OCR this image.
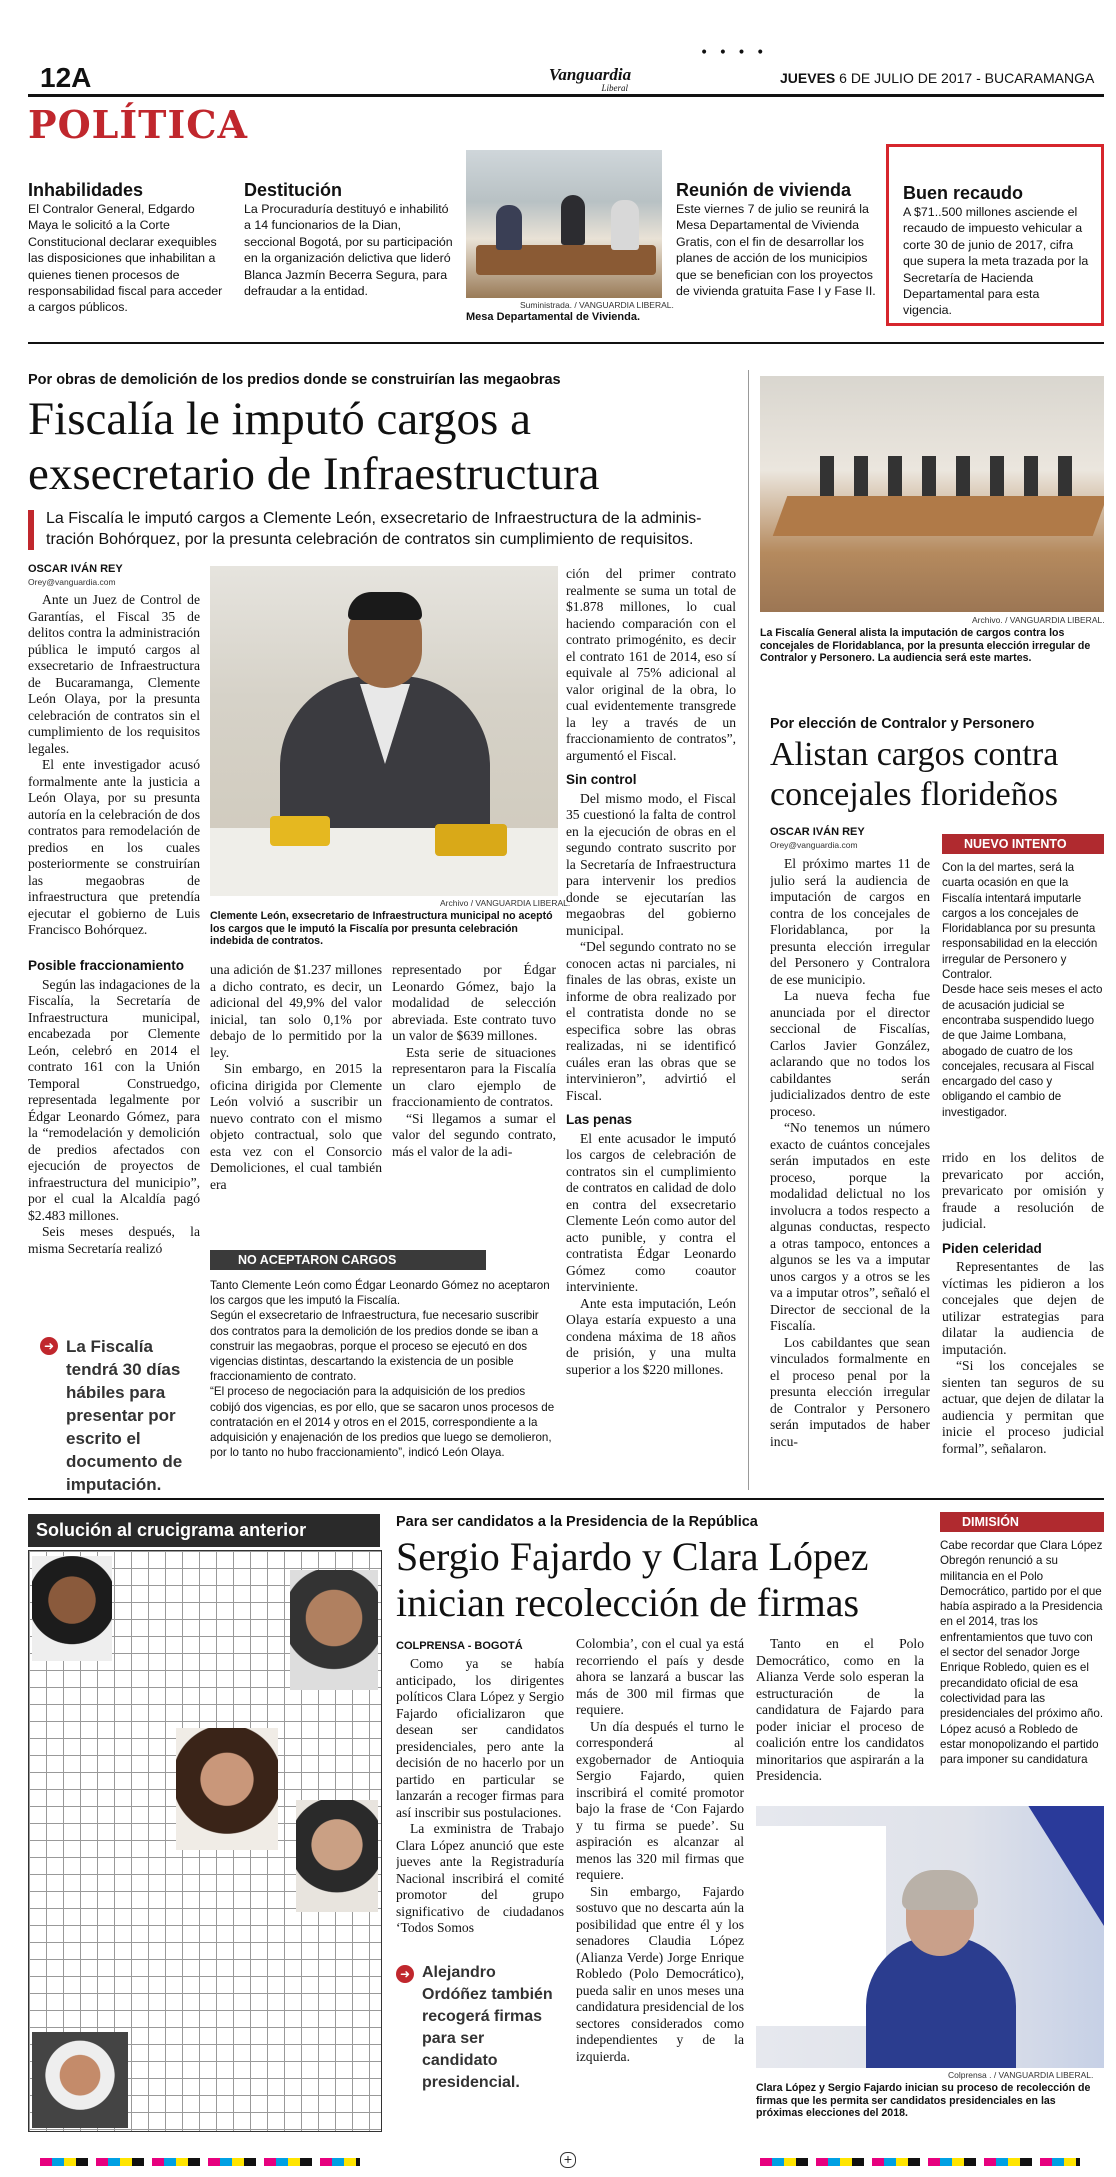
• • • •
12A	Vanguardia
Liberal
JUEVES 6 DE JULIO DE 2017 - BUCARAMANGA
POLÍTICA
Inhabilidades
El Contralor General, Edgardo Maya le solicitó a la Corte Constitucional declarar exequibles las disposiciones que inhabilitan a quienes tienen procesos de responsabilidad fiscal para acceder a cargos públicos.
Destitución
La Procuraduría destituyó e inhabilitó a 14 funcionarios de la Dian, seccional Bogotá, por su participación en la organización delictiva que lideró Blanca Jazmín Becerra Segura, para defraudar a la entidad.
Suministrada. / VANGUARDIA LIBERAL.
Mesa Departamental de Vivienda.
Reunión de vivienda
Este viernes 7 de julio se reunirá la Mesa Departamental de Vivienda Gratis, con el fin de desarrollar los planes de acción de los municipios que se benefician con los proyectos de vivienda gratuita Fase I y Fase II.
Buen recaudo
A $71..500 millones asciende el recaudo de impuesto vehicular a corte 30 de junio de 2017, cifra que supera la meta trazada por la Secretaría de Hacienda Departamental para esta vigencia.
Por obras de demolición de los predios donde se construirían las megaobras
Fiscalía le imputó cargos a
exsecretario de Infraestructura
La Fiscalía le imputó cargos a Clemente León, exsecretario de Infraestructura de la adminis-
tración Bohórquez, por la presunta celebración de contratos sin cumplimiento de requisitos.
OSCAR IVÁN REY
Orey@vanguardia.com

Ante un Juez de Control de Garantías, el Fiscal 35 de delitos contra la administración pública le imputó cargos al exsecretario de Infraestructura de Bucaramanga, Clemente León Olaya, por la presunta celebración de contratos sin el cumplimiento de los requisitos legales.

El ente investigador acusó formalmente ante la justicia a León Olaya, por su presunta autoría en la celebración de dos contratos para remodelación de predios en los cuales posteriormente se construirían las megaobras de infraestructura que pretendía ejecutar el gobierno de Luis Francisco Bohórquez.

Archivo / VANGUARDIA LIBERAL.
Clemente León, exsecretario de Infraestructura municipal no aceptó los cargos que le imputó la Fiscalía por presunta celebración indebida de contratos.

ción del primer contrato realmente se suma un total de $1.878 millones, lo cual haciendo comparación con el contrato primogénito, es decir el contrato 161 de 2014, eso sí equivale al 75% adicional al valor original de la obra, lo cual evidentemente transgrede la ley a través de un fraccionamiento de contratos”, argumentó el Fiscal.

Sin control

Del mismo modo, el Fiscal 35 cuestionó la falta de control en la ejecución de obras en el segundo contrato suscrito por la Secretaría de Infraestructura para intervenir los predios donde se ejecutarían las megaobras del gobierno municipal.

“Del segundo contrato no se conocen actas ni parciales, ni finales de las obras, existe un informe de obra realizado por el contratista donde no se especifica sobre las obras realizadas, ni se identificó cuáles eran las obras que se intervinieron”, advirtió el Fiscal.

Las penas

El ente acusador le imputó los cargos de celebración de contratos sin el cumplimiento de contratos en calidad de dolo en contra del exsecretario Clemente León como autor del acto punible, y contra el contratista Édgar Leonardo Gómez como coautor interviniente.

Ante esta imputación, León Olaya estaría expuesto a una condena máxima de 18 años de prisión, y una multa superior a los $220 millones.

Posible fraccionamiento

Según las indagaciones de la Fiscalía, la Secretaría de Infraestructura municipal, encabezada por Clemente León, celebró en 2014 el contrato 161 con la Unión Temporal Construedgo, representada legalmente por Édgar Leonardo Gómez, para la “remodelación y demolición de predios afectados con ejecución de proyectos de infraestructura del municipio”, por el cual la Alcaldía pagó $2.483 millones.

Seis meses después, la misma Secretaría realizó

una adición de $1.237 millones a dicho contrato, es decir, un adicional del 49,9% del valor inicial, tan solo 0,1% por debajo de lo permitido por la ley.

Sin embargo, en 2015 la oficina dirigida por Clemente León volvió a suscribir un nuevo contrato con el mismo objeto contractual, solo que esta vez con el Consorcio Demoliciones, el cual también era

representado por Édgar Leonardo Gómez, bajo la modalidad de selección abreviada. Este contrato tuvo un valor de $639 millones.

Esta serie de situaciones representaron para la Fiscalía un claro ejemplo de fraccionamiento de contratos.

“Si llegamos a sumar el valor del segundo contrato, más el valor de la adi-

NO ACEPTARON CARGOS
Tanto Clemente León como Édgar Leonardo Gómez no aceptaron los cargos que les imputó la Fiscalía.
Según el exsecretario de Infraestructura, fue necesario suscribir dos contratos para la demolición de los predios donde se iban a construir las megaobras, porque el proceso se ejecutó en dos vigencias distintas, descartando la existencia de un posible fraccionamiento de contrato.
“El proceso de negociación para la adquisición de los predios cobijó dos vigencias, es por ello, que se sacaron unos procesos de contratación en el 2014 y otros en el 2015, correspondiente a la adquisición y enajenación de los predios que luego se demolieron, por lo tanto no hubo fraccionamiento”, indicó León Olaya.
➜ La Fiscalía tendrá 30 días hábiles para presentar por escrito el documento de imputación.
Archivo. / VANGUARDIA LIBERAL.
La Fiscalía General alista la imputación de cargos contra los concejales de Floridablanca, por la presunta elección irregular de Contralor y Personero. La audiencia será este martes.
Por elección de Contralor y Personero
Alistan cargos contra
concejales florideños
OSCAR IVÁN REY
Orey@vanguardia.com

El próximo martes 11 de julio será la audiencia de imputación de cargos en contra de los concejales de Floridablanca, por la presunta elección irregular del Personero y Contralora de ese municipio.

La nueva fecha fue anunciada por el director seccional de Fiscalías, Carlos Javier González, aclarando que no todos los cabildantes serán judicializados dentro de este proceso.

“No tenemos un número exacto de cuántos concejales serán imputados en este proceso, porque la modalidad delictual no los involucra a todos respecto a algunas conductas, respecto a otras tampoco, entonces a algunos se les va a imputar unos cargos y a otros se les va a imputar otros”, señaló el Director de seccional de la Fiscalía.

Los cabildantes que sean vinculados formalmente en el proceso penal por la presunta elección irregular de Contralor y Personero serán imputados de haber incu-

NUEVO INTENTO
Con la del martes, será la cuarta ocasión en que la Fiscalía intentará imputarle cargos a los concejales de Floridablanca por su presunta responsabilidad en la elección irregular de Personero y Contralor.
Desde hace seis meses el acto de acusación judicial se encontraba suspendido luego de que Jaime Lombana, abogado de cuatro de los concejales, recusara al Fiscal encargado del caso y obligando el cambio de investigador.

rrido en los delitos de prevaricato por acción, prevaricato por omisión y fraude a resolución de judicial.

Piden celeridad

Representantes de las víctimas les pidieron a los concejales que dejen de utilizar estrategias para dilatar la audiencia de imputación.

“Si los concejales se sienten tan seguros de su actuar, que dejen de dilatar la audiencia y permitan que inicie el proceso judicial formal”, señalaron.

Solución al crucigrama anterior	Para ser candidatos a la Presidencia de la República
Sergio Fajardo y Clara López
inician recolección de firmas
COLPRENSA - BOGOTÁ

Como ya se había anticipado, los dirigentes políticos Clara López y Sergio Fajardo oficializaron que desean ser candidatos presidenciales, pero ante la decisión de no hacerlo por un partido en particular se lanzarán a recoger firmas para así inscribir sus postulaciones.

La exministra de Trabajo Clara López anunció que este jueves ante la Registraduría Nacional inscribirá el comité promotor del grupo significativo de ciudadanos ‘Todos Somos

➜ Alejandro Ordóñez también recogerá firmas para ser candidato presidencial.

Colombia’, con el cual ya está recorriendo el país y desde ahora se lanzará a buscar las más de 300 mil firmas que requiere.

Un día después el turno le corresponderá al exgobernador de Antioquia Sergio Fajardo, quien inscribirá el comité promotor bajo la frase de ‘Con Fajardo y tu firma se puede’. Su aspiración es alcanzar al menos las 320 mil firmas que requiere.

Sin embargo, Fajardo sostuvo que no descarta aún la posibilidad que entre él y los senadores Claudia López (Alianza Verde) Jorge Enrique Robledo (Polo Democrático), pueda salir en unos meses una candidatura presidencial de los sectores considerados como independientes y de la izquierda.

Tanto en el Polo Democrático, como en la Alianza Verde solo esperan la estructuración de la candidatura de Fajardo para poder iniciar el proceso de coalición entre los candidatos minoritarios que aspirarán a la Presidencia.

DIMISIÓN
Cabe recordar que Clara López Obregón renunció a su militancia en el Polo Democrático, partido por el que había aspirado a la Presidencia en el 2014, tras los enfrentamientos que tuvo con el sector del senador Jorge Enrique Robledo, quien es el precandidato oficial de esa colectividad para las presidenciales del próximo año.
López acusó a Robledo de estar monopolizando el partido para imponer su candidatura
Colprensa . / VANGUARDIA LIBERAL.
Clara López y Sergio Fajardo inician su proceso de recolección de firmas que les permita ser candidatos presidenciales en las próximas elecciones del 2018.
+
